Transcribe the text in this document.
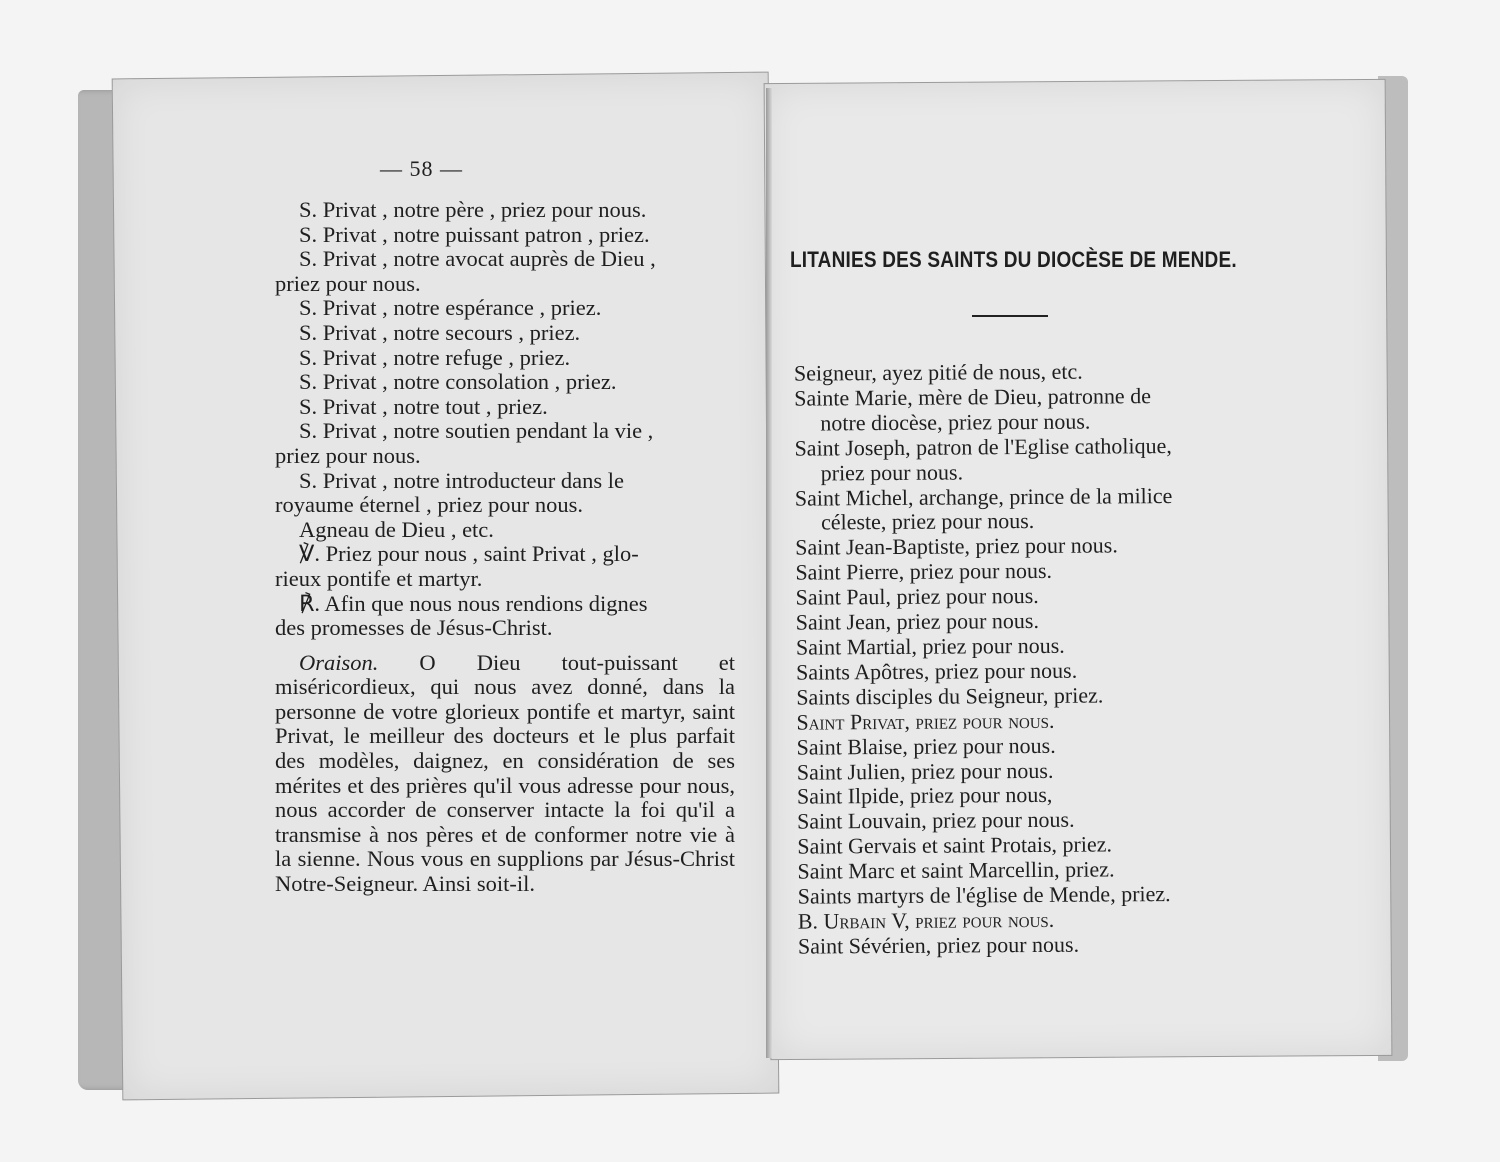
— 58 —

S. Privat , notre père , priez pour nous.

S. Privat , notre puissant patron , priez.

S. Privat , notre avocat auprès de Dieu ,

priez pour nous.

S. Privat , notre espérance , priez.

S. Privat , notre secours , priez.

S. Privat , notre refuge , priez.

S. Privat , notre consolation , priez.

S. Privat , notre tout , priez.

S. Privat , notre soutien pendant la vie ,

priez pour nous.

S. Privat , notre introducteur dans le

royaume éternel , priez pour nous.

Agneau de Dieu , etc.

℣. Priez pour nous , saint Privat , glo-

rieux pontife et martyr.

℟. Afin que nous nous rendions dignes

des promesses de Jésus-Christ.

Oraison. O Dieu tout-puissant et miséricordieux, qui nous avez donné, dans la personne de votre glorieux pontife et martyr, saint Privat, le meilleur des docteurs et le plus parfait des modèles, daignez, en considération de ses mérites et des prières qu'il vous adresse pour nous, nous accorder de conserver intacte la foi qu'il a transmise à nos pères et de conformer notre vie à la sienne. Nous vous en supplions par Jésus-Christ Notre-Seigneur. Ainsi soit-il.

LITANIES DES SAINTS DU DIOCÈSE DE MENDE.

Seigneur, ayez pitié de nous, etc.

Sainte Marie, mère de Dieu, patronne de

notre diocèse, priez pour nous.

Saint Joseph, patron de l'Eglise catholique,

priez pour nous.

Saint Michel, archange, prince de la milice

céleste, priez pour nous.

Saint Jean-Baptiste, priez pour nous.

Saint Pierre, priez pour nous.

Saint Paul, priez pour nous.

Saint Jean, priez pour nous.

Saint Martial, priez pour nous.

Saints Apôtres, priez pour nous.

Saints disciples du Seigneur, priez.

Saint Privat, priez pour nous.

Saint Blaise, priez pour nous.

Saint Julien, priez pour nous.

Saint Ilpide, priez pour nous,

Saint Louvain, priez pour nous.

Saint Gervais et saint Protais, priez.

Saint Marc et saint Marcellin, priez.

Saints martyrs de l'église de Mende, priez.

B. Urbain V, priez pour nous.

Saint Sévérien, priez pour nous.
